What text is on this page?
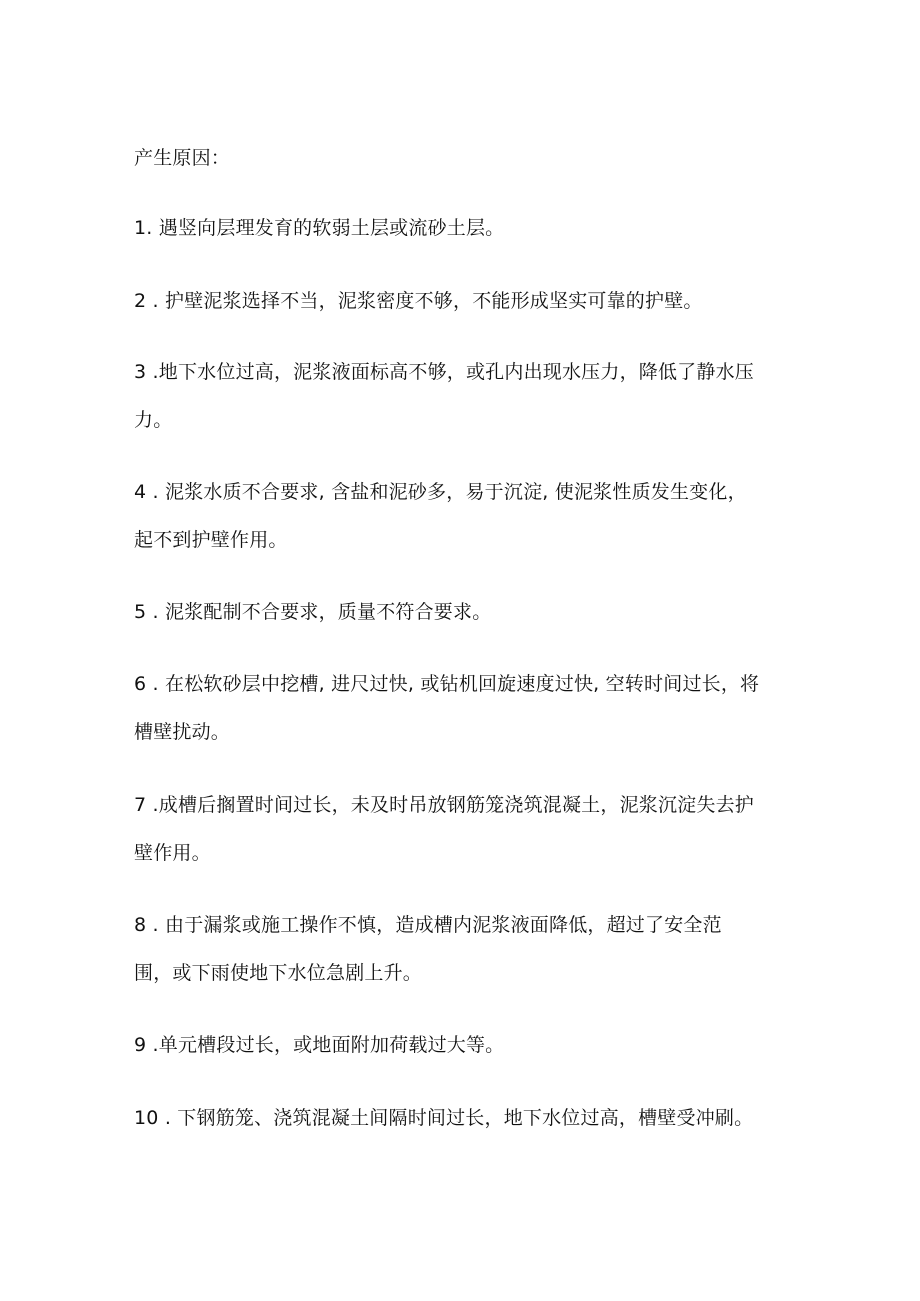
产生原因：
1. 遇竖向层理发育的软弱土层或流砂土层。
2 . 护壁泥浆选择不当，泥浆密度不够，不能形成坚实可靠的护壁。
3 .地下水位过高，泥浆液面标高不够，或孔内出现水压力，降低了静水压
力。
4 . 泥浆水质不合要求, 含盐和泥砂多，易于沉淀, 使泥浆性质发生变化，
起不到护壁作用。
5 . 泥浆配制不合要求，质量不符合要求。
6 . 在松软砂层中挖槽, 进尺过快, 或钻机回旋速度过快, 空转时间过长，将
槽壁扰动。
7 .成槽后搁置时间过长，未及时吊放钢筋笼浇筑混凝土，泥浆沉淀失去护
壁作用。
8 . 由于漏浆或施工操作不慎，造成槽内泥浆液面降低，超过了安全范
围，或下雨使地下水位急剧上升。
9 .单元槽段过长，或地面附加荷载过大等。
10 . 下钢筋笼、浇筑混凝土间隔时间过长，地下水位过高，槽壁受冲刷。
